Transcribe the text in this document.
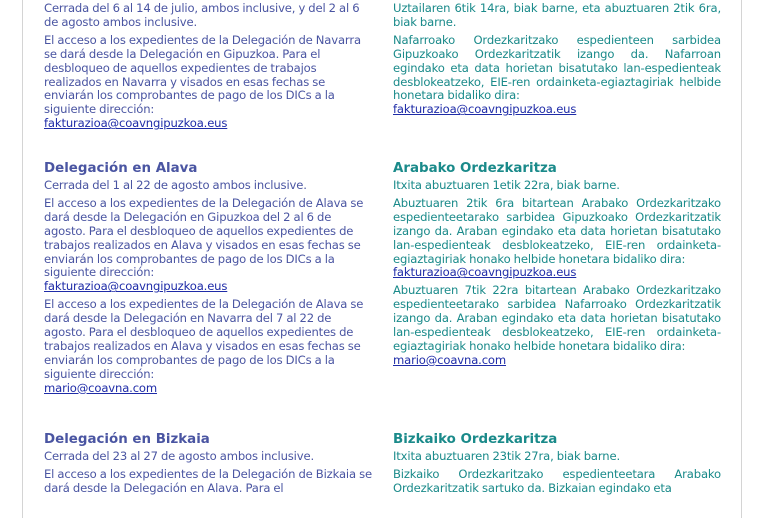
Cerrada del 6 al 14 de julio, ambos inclusive, y del 2 al 6 de agosto ambos inclusive.

El acceso a los expedientes de la Delegación de Navarra se dará desde la Delegación en Gipuzkoa. Para el desbloqueo de aquellos expedientes de trabajos realizados en Navarra y visados en esas fechas se enviarán los comprobantes de pago de los DICs a la siguiente dirección:

fakturazioa@coavngipuzkoa.eus
Delegación en Alava

Cerrada del 1 al 22 de agosto ambos inclusive.

El acceso a los expedientes de la Delegación de Alava se dará desde la Delegación en Gipuzkoa del 2 al 6 de agosto. Para el desbloqueo de aquellos expedientes de trabajos realizados en Alava y visados en esas fechas se enviarán los comprobantes de pago de los DICs a la siguiente dirección:

fakturazioa@coavngipuzkoa.eus

El acceso a los expedientes de la Delegación de Alava se dará desde la Delegación en Navarra del 7 al 22 de agosto. Para el desbloqueo de aquellos expedientes de trabajos realizados en Alava y visados en esas fechas se enviarán los comprobantes de pago de los DICs a la siguiente dirección:

mario@coavna.com
Delegación en Bizkaia

Cerrada del 23 al 27 de agosto ambos inclusive.

El acceso a los expedientes de la Delegación de Bizkaia se dará desde la Delegación en Alava. Para el

Uztailaren 6tik 14ra, biak barne, eta abuztuaren 2tik 6ra, biak barne.

Nafarroako Ordezkaritzako espedienteen sarbidea Gipuzkoako Ordezkaritzatik izango da. Nafarroan egindako eta data horietan bisatutako lan-espedienteak desblokeatzeko, EIE-ren ordainketa-egiaztagiriak helbide honetara bidaliko dira:

fakturazioa@coavngipuzkoa.eus
Arabako Ordezkaritza

Itxita abuztuaren 1etik 22ra, biak barne.

Abuztuaren 2tik 6ra bitartean Arabako Ordezkaritzako espedienteetarako sarbidea Gipuzkoako Ordezkaritzatik izango da. Araban egindako eta data horietan bisatutako lan-espedienteak desblokeatzeko, EIE-ren ordainketa-egiaztagiriak honako helbide honetara bidaliko dira:

fakturazioa@coavngipuzkoa.eus

Abuztuaren 7tik 22ra bitartean Arabako Ordezkaritzako espedienteetarako sarbidea Nafarroako Ordezkaritzatik izango da. Araban egindako eta data horietan bisatutako lan-espedienteak desblokeatzeko, EIE-ren ordainketa-egiaztagiriak honako helbide honetara bidaliko dira:

mario@coavna.com
Bizkaiko Ordezkaritza

Itxita abuztuaren 23tik 27ra, biak barne.

Bizkaiko Ordezkaritzako espedienteetara Arabako Ordezkaritzatik sartuko da. Bizkaian egindako eta
